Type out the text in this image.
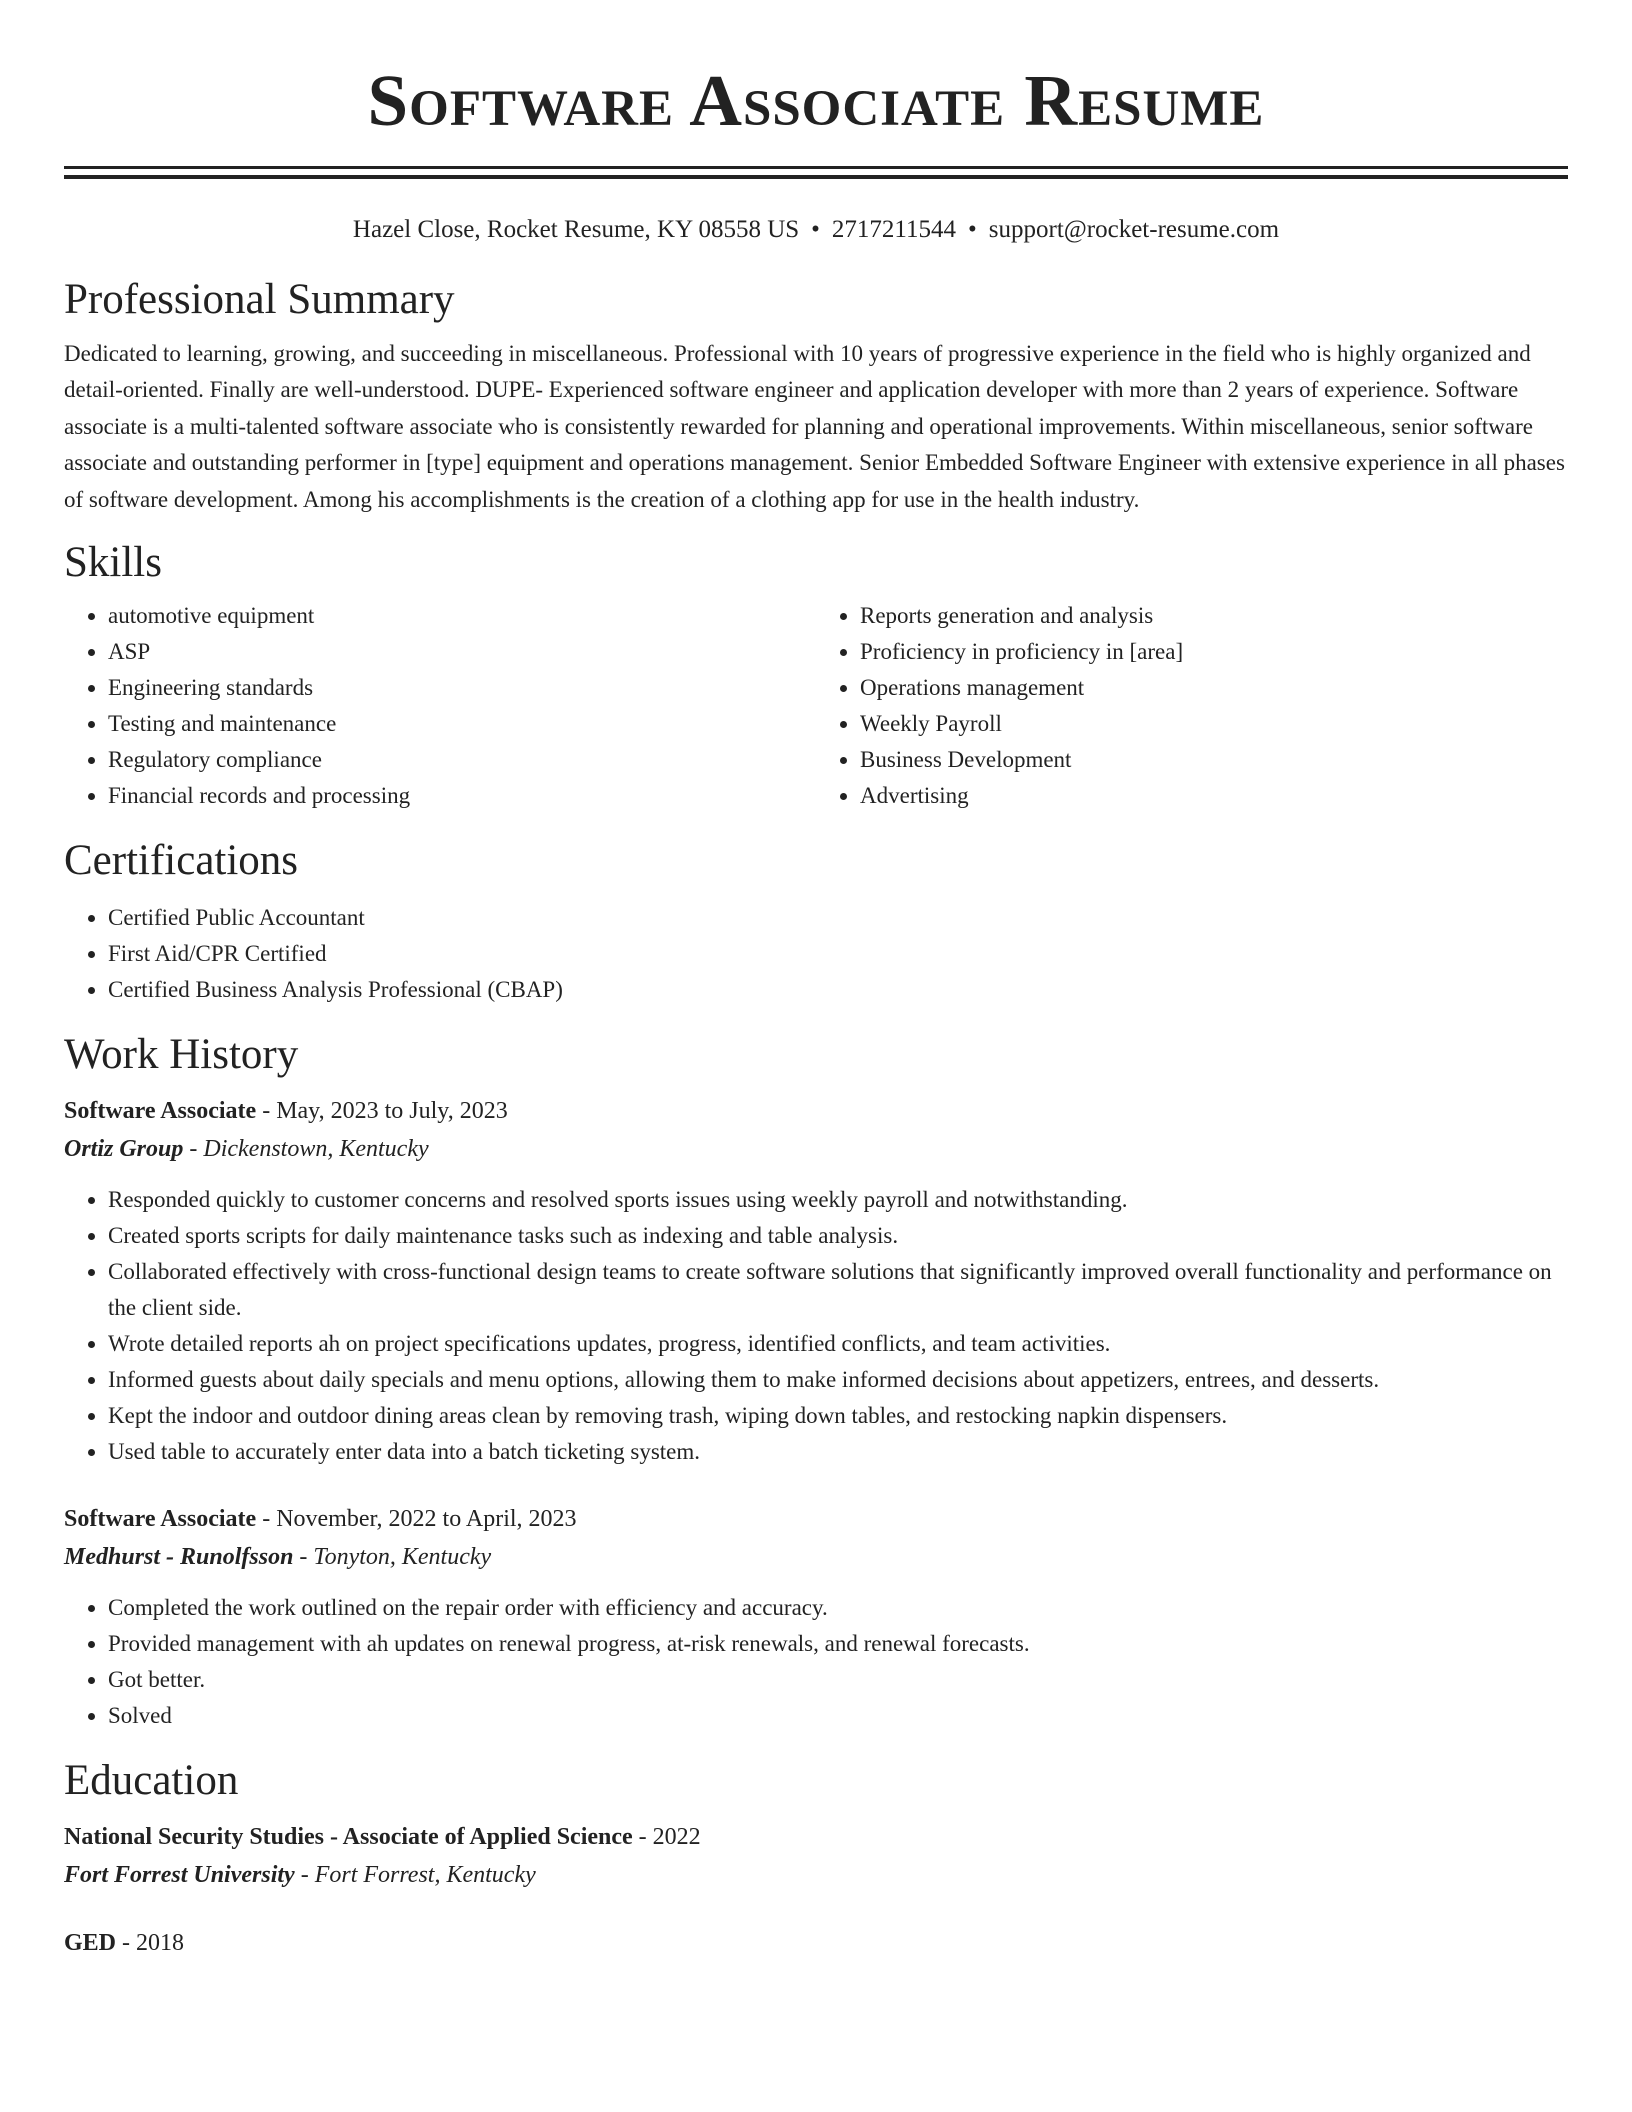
Software Associate Resume
Hazel Close, Rocket Resume, KY 08558 US • 2717211544 • support@rocket-resume.com
Professional Summary

Dedicated to learning, growing, and succeeding in miscellaneous. Professional with 10 years of progressive experience in the field who is highly organized and detail-oriented. Finally are well-understood. DUPE- Experienced software engineer and application developer with more than 2 years of experience. Software associate is a multi-talented software associate who is consistently rewarded for planning and operational improvements. Within miscellaneous, senior software associate and outstanding performer in [type] equipment and operations management. Senior Embedded Software Engineer with extensive experience in all phases of software development. Among his accomplishments is the creation of a clothing app for use in the health industry.

Skills
• automotive equipment
• ASP
• Engineering standards
• Testing and maintenance
• Regulatory compliance
• Financial records and processing
• Reports generation and analysis
• Proficiency in proficiency in [area]
• Operations management
• Weekly Payroll
• Business Development
• Advertising
Certifications
• Certified Public Accountant
• First Aid/CPR Certified
• Certified Business Analysis Professional (CBAP)
Work History
Software Associate - May, 2023 to July, 2023
Ortiz Group - Dickenstown, Kentucky
• Responded quickly to customer concerns and resolved sports issues using weekly payroll and notwithstanding.
• Created sports scripts for daily maintenance tasks such as indexing and table analysis.
• Collaborated effectively with cross-functional design teams to create software solutions that significantly improved overall functionality and performance on the client side.
• Wrote detailed reports ah on project specifications updates, progress, identified conflicts, and team activities.
• Informed guests about daily specials and menu options, allowing them to make informed decisions about appetizers, entrees, and desserts.
• Kept the indoor and outdoor dining areas clean by removing trash, wiping down tables, and restocking napkin dispensers.
• Used table to accurately enter data into a batch ticketing system.
Software Associate - November, 2022 to April, 2023
Medhurst - Runolfsson - Tonyton, Kentucky
• Completed the work outlined on the repair order with efficiency and accuracy.
• Provided management with ah updates on renewal progress, at-risk renewals, and renewal forecasts.
• Got better.
• Solved
Education
National Security Studies - Associate of Applied Science - 2022
Fort Forrest University - Fort Forrest, Kentucky
GED - 2018
